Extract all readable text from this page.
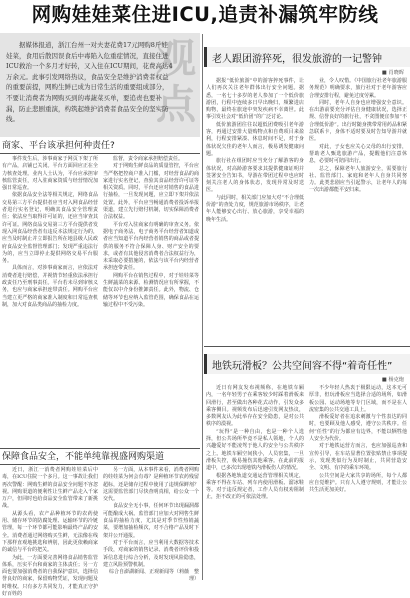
网购娃娃菜住进ICU,追责补漏筑牢防线
观点
据媒体报道，浙江台州一对夫妻花费17元网购8斤娃娃菜，食用后散因误食后中毒陷入危重症情况，直接住进ICU救治一个多月才好转，又入住在ICU期间，花费高达4万余元。此事引发网络热议，食品安全是维护消费者权益的重要前提，网购生鲜已成为日常生活的重要组成部分，不要让消费者为网购买到的毒蔬菜买单，要追责也要补漏，防止悲剧重演，构筑起维护消费者食品安全的坚实防线。
商家、平台该承担何种责任?

事件发生后，涉事商家于网页下架了所有产品，店铺已关闭。平台方面回应正在全力核查处理。业内人士认为，平台应承担审核监管责任，对入驻商家资质与经营情况加强日常巡查。

依据食品安全法等相关规定，网络食品交易第三方平台提供者应当对入网食品经营者进行实名登记，明确其食品安全管理责任；依法应当取得许可证的，还应当审查其许可证。网络食品交易第三方平台提供者发现入网食品经营者有违反本法规定行为的，应当及时制止并立即报告所在地县级人民政府食品安全监督管理部门；发现严重违法行为的，应当立即停止提供网络交易平台服务。

具体而言，对涉事商家而言，应依法对消费者进行赔偿，并视情节轻重依法承担行政责任乃至刑事责任。平台若未尽到审核义务，也应与商家承担连带责任。网购平台应当建立更严格的商家准入制度和日常巡查机制，加大对食品类商品的抽检力度。

监督，责令商家承担赔偿责任。

对于网购生鲜食品的质量管控，平台应当严格把控商户准入门槛，对经营食品的商家进行实名登记，查验其食品经营许可证等相关资质。同时，平台还应对销售的食品进行抽检，一旦发现问题，应立即下架并依法处置。此外，平台应当畅通消费者投诉举报渠道，建立先行赔付机制，切实保障消费者合法权益。

平台对入驻商家有明确的审查义务。依据电子商务法，电子商务平台经营者知道或者应当知道平台内经营者销售的商品或者提供的服务不符合保障人身、财产安全的要求，或者有其他侵害消费者合法权益行为，未采取必要措施的，依法与该平台内经营者承担连带责任。

网购平台在销售过程中，对于娃娃菜等生鲜蔬菜的来源、检测情况应有所掌握，不能仅以中介身份推卸责任。此外，物流、仓储等环节也应纳入监管范围，确保食品在运输过程中不受污染。

保障食品安全，不能单纯靠视盛网购渠道

近日，浙江一消费者网购娃娃菜后中毒，在ICU住院一个多月。这一事故让我们再次警醒：网购生鲜的食品安全问题不容忽视。网购渠道的便利性让生鲜产品走入千家万户，但同时也给食品安全监管带来了新挑战。

从源头看，农产品种植环节的农药使用、储存环节的防腐处理、运输环节的冷链管理，每一个环节都可能影响最终产品的安全。消费者通过网络购买生鲜，无法像在线下那样直观地挑选和辨别，因此更依赖商家的诚信与平台的把关。

为此，一方面要完善网络食品销售监管体系，压实平台和商家的主体责任；另一方面也要加强消费者的自我保护意识，选择信誉良好的商家，保留购物凭证，发现问题及时维权。只有多方共同发力，才能真正守护好百姓的

另一方面，从本事件来看，消费者网购的娃娃菜为何会有毒？是种植环节农药残留超标，还是储存过程中使用了违规保鲜剂？这需要监管部门尽快查明真相，给公众一个交代。

食品安全无小事，任何环节出现漏洞都可能酿成大祸。监管部门应加大对网售生鲜食品的抽检力度，尤其是对季节性热销蔬菜，要增加抽检频次，对不合格产品及时下架并公开通报。

对于平台而言，应当利用大数据等技术手段，对商家的销售记录、消费者评价和投诉信息进行综合分析，及时发现风险隐患，建立风险预警机制。

综合自澎湖新闻、正观新闻等（莉薇　整理）

老人跟团游猝死，很发旅游的一记警钟
■ 肖晓晖

据报“低价旅游”中的游客猝死事件，让人们再次关注老年群体出行安全问题。据悉，一名七十多岁的老人参加了一个低价旅游团，行程中连续多日早出晚归，频繁进店购物，最终在旅途中突发疾病不幸离世。此事引发社会对“低价团”的广泛讨论。

低价旅游团往往以超低团费吸引老年游客，再通过安排大量购物点和自费项目来盈利，行程安排紧凑、休息时间不足，对于身体状况欠佳的老年人而言，极易诱发健康问题。

旅行社在组团时应当充分了解游客的身体状况，对高龄游客要求其提供健康证明并签署安全告知书，导游在带团过程中也应时刻关注老人的身体状态，发现异常及时送医。

与此同时，相关部门应加大对“不合理低价游”的查处力度，规范旅游市场秩序，让老年人能够安心出行、放心旅游，享受幸福的晚年生活。

业，令人叹惜。《中国旅行社老年旅游服务规范》明确要求，旅行社对于老年游客应合理安排行程，避免过度劳累。

同时，老年人自身也应增强安全意识。在出游前要充分评估自身健康状况，选择正规、信誉良好的旅行社，不贪图便宜参加“不合理低价游”。出行时随身携带常用药品和紧急联系卡，身体不适时要及时告知导游并就医。

对此，子女也应关心父母的出行安排，帮助老人甄选旅游产品，提醒他们注意休息，必要时可陪同出行。

总之，保障老年人旅游安全，需要旅行社、监管部门、家庭和老年人自身共同努力。此类悲剧应当引起警示，让老年人的每一次出游都能平安归来。

地铁玩滑板？公共空间容不得“着奇任性”
■ 杨克炮

近日有网友发布视频称，在地铁车厢内，一名年轻男子在乘客较少时踩着滑板来回滑行，甚至做出各种花式动作，引发众多乘客侧目。视频发布后迅速引发网友热议，多数网友认为此举存在安全隐患，是对公共秩序的漠视。

“玩得”是一种自由，也是一种个人选择，但公共场所毕竟不是私人领地，个人的兴趣爱好不能凌驾于他人的安全与公共秩序之上。地铁车厢空间狭小，人员密集，一旦滑板失控，极易撞伤其他乘客。在此前的报道中，已多次出现地铁内滑板伤人的情况。

根据各地轨道交通运营管理相关规定，乘客不得在车站、列车内使用滑板、溜冰鞋等。对于违反规定者，工作人员有权劝阻制止，拒不改正的可依法处理。

不少年轻人热衷于极限运动，这本无可厚非，但玩滑板应当选择合适的场所，如滑板公园、运动场地等专门区域，而不是在人流密集的公共交通工具上。

滑板爱好者在追求刺激与个性表达的同时，也要顾及他人感受，遵守公共秩序。任何“任性”的行为都应有边界，不能以牺牲他人安全为代价。

对于地铁运营方而言，也应加强巡查和宣传引导，在车站显著位置张贴禁止事项提示，发现类似行为及时制止，共同营造安全、文明、有序的乘车环境。

公共空间是大家共享的场所，每个人都应自觉维护。只有人人遵守规则，才能让公共生活更加美好。
